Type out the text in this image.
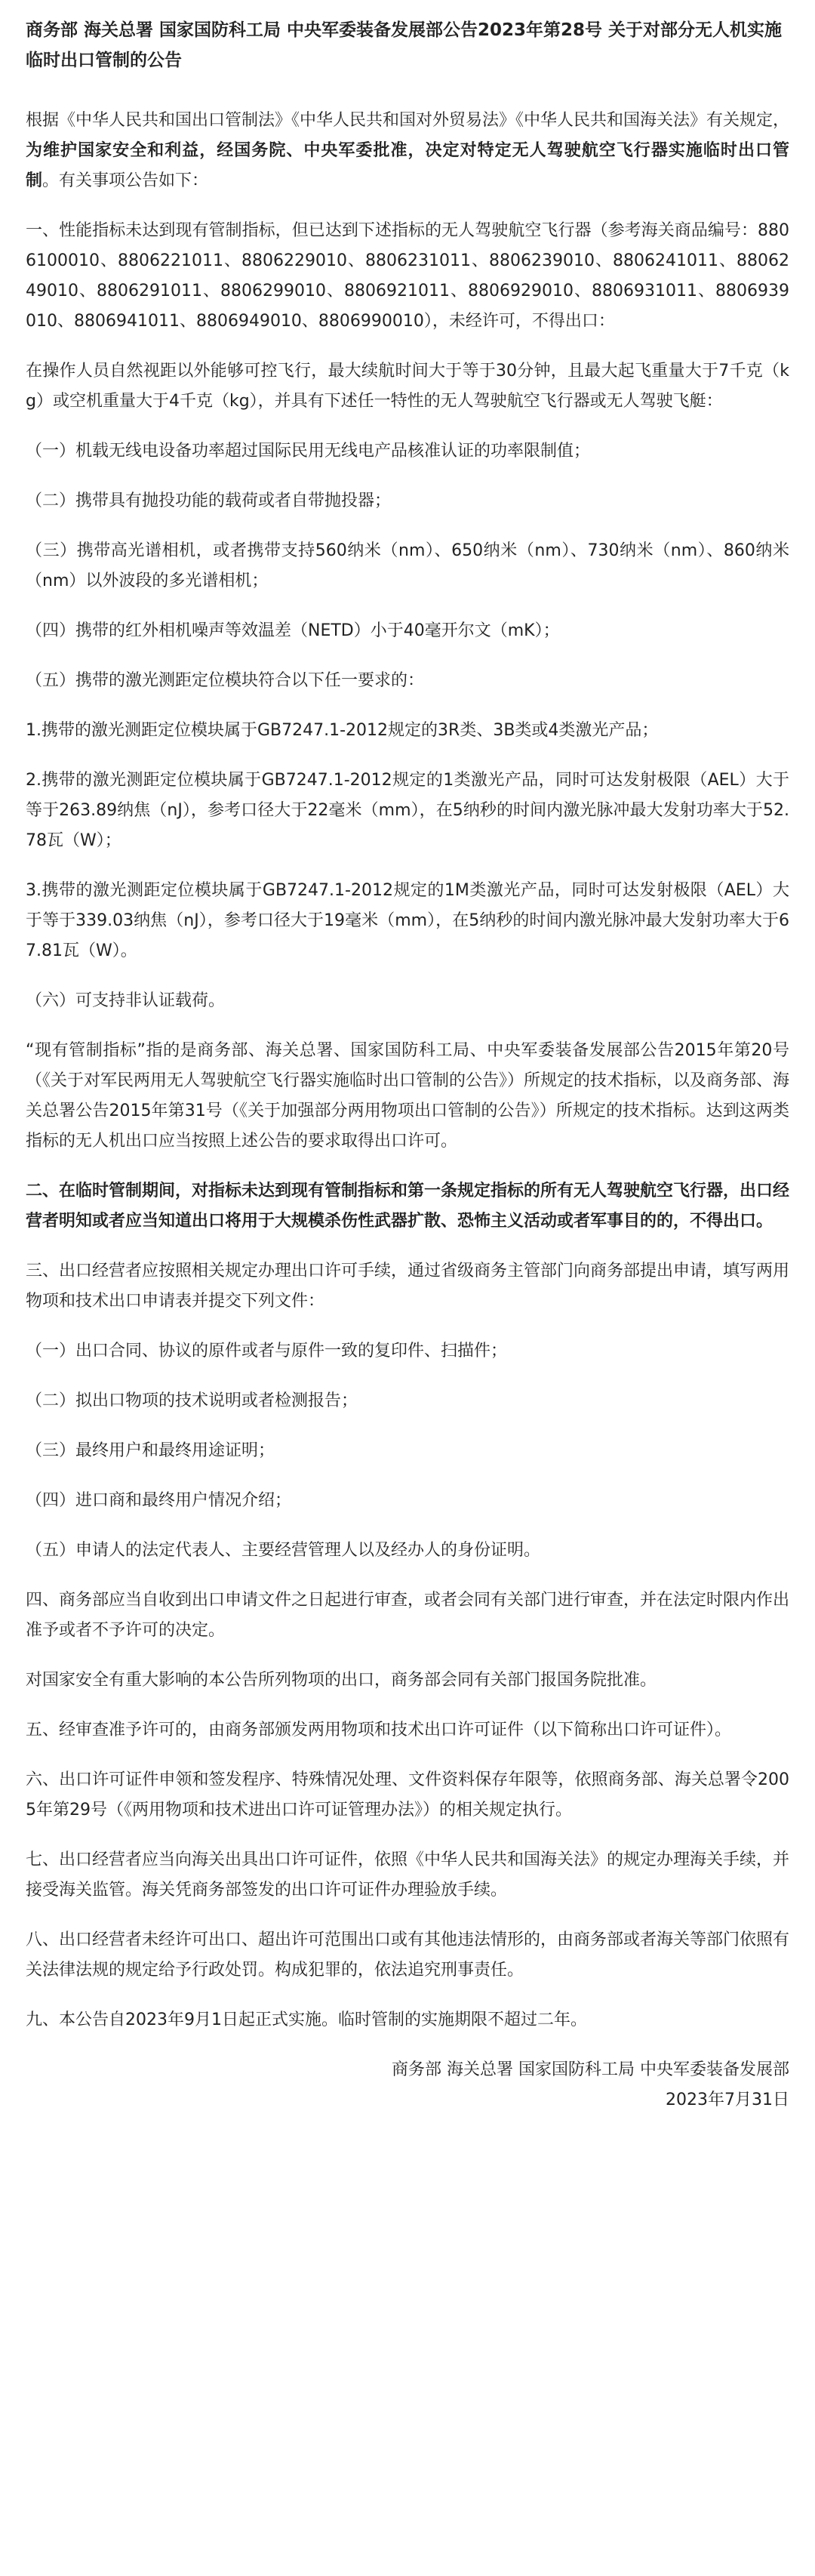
商务部 海关总署 国家国防科工局 中央军委装备发展部公告2023年第28号 关于对部分无人机实施临时出口管制的公告

根据《中华人民共和国出口管制法》《中华人民共和国对外贸易法》《中华人民共和国海关法》有关规定，为维护国家安全和利益，经国务院、中央军委批准，决定对特定无人驾驶航空飞行器实施临时出口管制。有关事项公告如下：

一、性能指标未达到现有管制指标，但已达到下述指标的无人驾驶航空飞行器（参考海关商品编号：8806100010、8806221011、8806229010、8806231011、8806239010、8806241011、8806249010、8806291011、8806299010、8806921011、8806929010、8806931011、8806939010、8806941011、8806949010、8806990010），未经许可，不得出口：

在操作人员自然视距以外能够可控飞行，最大续航时间大于等于30分钟，且最大起飞重量大于7千克（kg）或空机重量大于4千克（kg），并具有下述任一特性的无人驾驶航空飞行器或无人驾驶飞艇：

（一）机载无线电设备功率超过国际民用无线电产品核准认证的功率限制值；

（二）携带具有抛投功能的载荷或者自带抛投器；

（三）携带高光谱相机，或者携带支持560纳米（nm）、650纳米（nm）、730纳米（nm）、860纳米（nm）以外波段的多光谱相机；

（四）携带的红外相机噪声等效温差（NETD）小于40毫开尔文（mK）；

（五）携带的激光测距定位模块符合以下任一要求的：

1.携带的激光测距定位模块属于GB7247.1-2012规定的3R类、3B类或4类激光产品；

2.携带的激光测距定位模块属于GB7247.1-2012规定的1类激光产品，同时可达发射极限（AEL）大于等于263.89纳焦（nJ），参考口径大于22毫米（mm），在5纳秒的时间内激光脉冲最大发射功率大于52.78瓦（W）；

3.携带的激光测距定位模块属于GB7247.1-2012规定的1M类激光产品，同时可达发射极限（AEL）大于等于339.03纳焦（nJ），参考口径大于19毫米（mm），在5纳秒的时间内激光脉冲最大发射功率大于67.81瓦（W）。

（六）可支持非认证载荷。

“现有管制指标”指的是商务部、海关总署、国家国防科工局、中央军委装备发展部公告2015年第20号（《关于对军民两用无人驾驶航空飞行器实施临时出口管制的公告》）所规定的技术指标，以及商务部、海关总署公告2015年第31号（《关于加强部分两用物项出口管制的公告》）所规定的技术指标。达到这两类指标的无人机出口应当按照上述公告的要求取得出口许可。

二、在临时管制期间，对指标未达到现有管制指标和第一条规定指标的所有无人驾驶航空飞行器，出口经营者明知或者应当知道出口将用于大规模杀伤性武器扩散、恐怖主义活动或者军事目的的，不得出口。

三、出口经营者应按照相关规定办理出口许可手续，通过省级商务主管部门向商务部提出申请，填写两用物项和技术出口申请表并提交下列文件：

（一）出口合同、协议的原件或者与原件一致的复印件、扫描件；

（二）拟出口物项的技术说明或者检测报告；

（三）最终用户和最终用途证明；

（四）进口商和最终用户情况介绍；

（五）申请人的法定代表人、主要经营管理人以及经办人的身份证明。

四、商务部应当自收到出口申请文件之日起进行审查，或者会同有关部门进行审查，并在法定时限内作出准予或者不予许可的决定。

对国家安全有重大影响的本公告所列物项的出口，商务部会同有关部门报国务院批准。

五、经审查准予许可的，由商务部颁发两用物项和技术出口许可证件（以下简称出口许可证件）。

六、出口许可证件申领和签发程序、特殊情况处理、文件资料保存年限等，依照商务部、海关总署令2005年第29号（《两用物项和技术进出口许可证管理办法》）的相关规定执行。

七、出口经营者应当向海关出具出口许可证件，依照《中华人民共和国海关法》的规定办理海关手续，并接受海关监管。海关凭商务部签发的出口许可证件办理验放手续。

八、出口经营者未经许可出口、超出许可范围出口或有其他违法情形的，由商务部或者海关等部门依照有关法律法规的规定给予行政处罚。构成犯罪的，依法追究刑事责任。

九、本公告自2023年9月1日起正式实施。临时管制的实施期限不超过二年。

商务部 海关总署 国家国防科工局 中央军委装备发展部
2023年7月31日
